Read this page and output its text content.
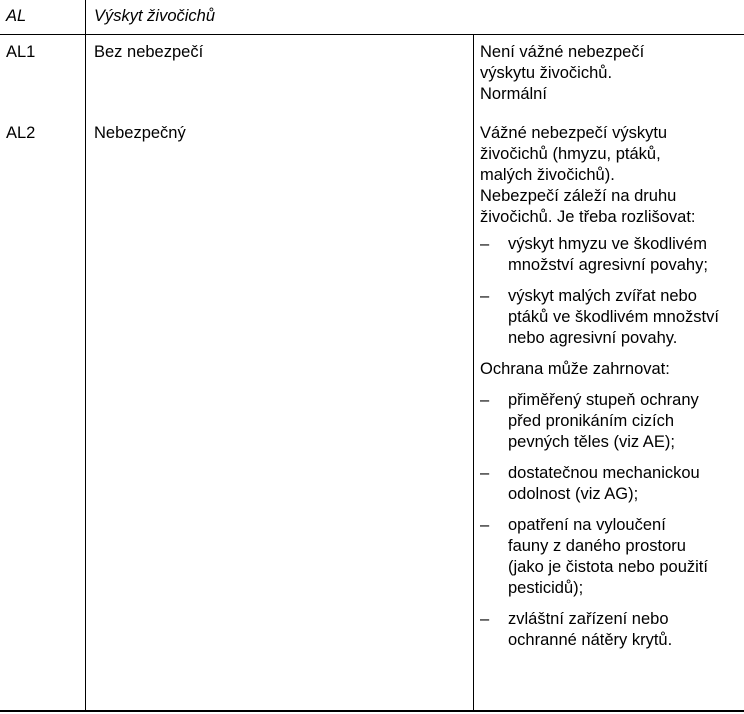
AL	Výskyt živočichů
AL1	Bez nebezpečí	Není vážné nebezpečí
výskytu živočichů.
Normální
AL2	Nebezpečný	Vážné nebezpečí výskytu
živočichů (hmyzu, ptáků,
malých živočichů).
Nebezpečí záleží na druhu
živočichů. Je třeba rozlišovat:
– výskyt hmyzu ve škodlivém
množství agresivní povahy;
– výskyt malých zvířat nebo
ptáků ve škodlivém množství
nebo agresivní povahy.
Ochrana může zahrnovat:
– přiměřený stupeň ochrany
před pronikáním cizích
pevných těles (viz AE);
– dostatečnou mechanickou
odolnost (viz AG);
– opatření na vyloučení
fauny z daného prostoru
(jako je čistota nebo použití
pesticidů);
– zvláštní zařízení nebo
ochranné nátěry krytů.
